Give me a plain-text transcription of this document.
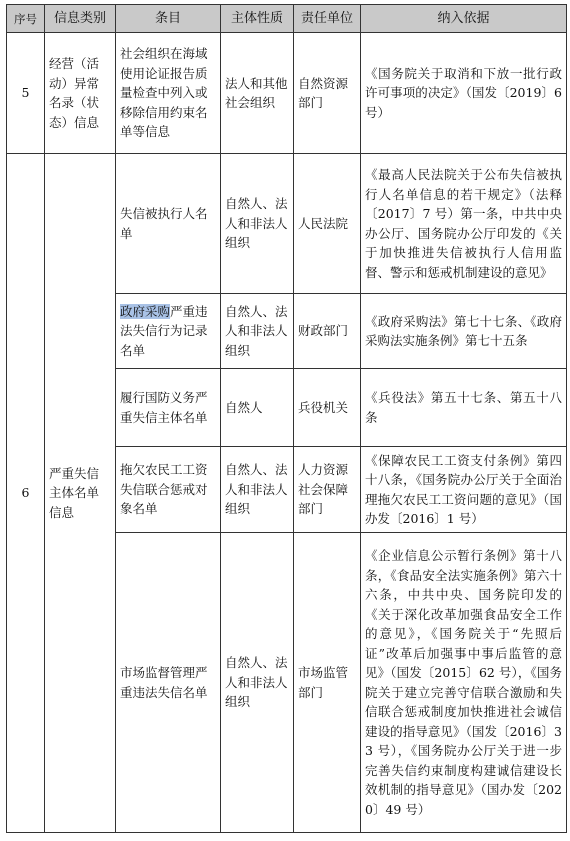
序号	信息类别	条目	主体性质	责任单位	纳入依据
5	经营（活动）异常名录（状态）信息	社会组织在海域使用论证报告质量检查中列入或移除信用约束名单等信息	法人和其他社会组织	自然资源部门	《国务院关于取消和下放一批行政许可事项的决定》（国发〔2019〕6 号）
6	严重失信主体名单信息	失信被执行人名单	自然人、法人和非法人组织	人民法院	《最高人民法院关于公布失信被执行人名单信息的若干规定》（法释〔2017〕7 号）第一条，中共中央办公厅、国务院办公厅印发的《关于加快推进失信被执行人信用监督、警示和惩戒机制建设的意见》
		政府采购严重违法失信行为记录名单	自然人、法人和非法人组织	财政部门	《政府采购法》第七十七条、《政府采购法实施条例》第七十五条
		履行国防义务严重失信主体名单	自然人	兵役机关	《兵役法》第五十七条、第五十八条
		拖欠农民工工资失信联合惩戒对象名单	自然人、法人和非法人组织	人力资源社会保障部门	《保障农民工工资支付条例》第四十八条，《国务院办公厅关于全面治理拖欠农民工工资问题的意见》（国办发〔2016〕1 号）
		市场监督管理严重违法失信名单	自然人、法人和非法人组织	市场监管部门	《企业信息公示暂行条例》第十八条，《食品安全法实施条例》第六十六条，中共中央、国务院印发的《关于深化改革加强食品安全工作的意见》，《国务院关于“先照后证”改革后加强事中事后监管的意见》（国发〔2015〕62 号），《国务院关于建立完善守信联合激励和失信联合惩戒制度加快推进社会诚信建设的指导意见》（国发〔2016〕33 号），《国务院办公厅关于进一步完善失信约束制度构建诚信建设长效机制的指导意见》（国办发〔2020〕49 号）
